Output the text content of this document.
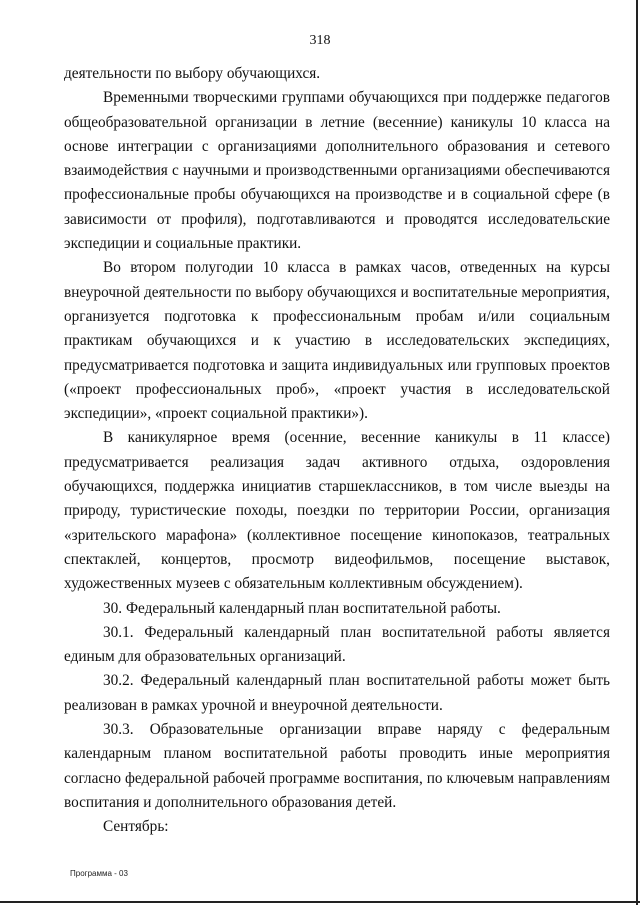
318

деятельности по выбору обучающихся.

Временными творческими группами обучающихся при поддержке педагогов общеобразовательной организации в летние (весенние) каникулы 10 класса на основе интеграции с организациями дополнительного образования и сетевого взаимодействия с научными и производственными организациями обеспечиваются профессиональные пробы обучающихся на производстве и в социальной сфере (в зависимости от профиля), подготавливаются и проводятся исследовательские экспедиции и социальные практики.

Во втором полугодии 10 класса в рамках часов, отведенных на курсы внеурочной деятельности по выбору обучающихся и воспитательные мероприятия, организуется подготовка к профессиональным пробам и/или социальным практикам обучающихся и к участию в исследовательских экспедициях, предусматривается подготовка и защита индивидуальных или групповых проектов («проект профессиональных проб», «проект участия в исследовательской экспедиции», «проект социальной практики»).

В каникулярное время (осенние, весенние каникулы в 11 классе) предусматривается реализация задач активного отдыха, оздоровления обучающихся, поддержка инициатив старшеклассников, в том числе выезды на природу, туристические походы, поездки по территории России, организация «зрительского марафона» (коллективное посещение кинопоказов, театральных спектаклей, концертов, просмотр видеофильмов, посещение выставок, художественных музеев с обязательным коллективным обсуждением).

30. Федеральный календарный план воспитательной работы.

30.1. Федеральный календарный план воспитательной работы является единым для образовательных организаций.

30.2. Федеральный календарный план воспитательной работы может быть реализован в рамках урочной и внеурочной деятельности.

30.3. Образовательные организации вправе наряду с федеральным календарным планом воспитательной работы проводить иные мероприятия согласно федеральной рабочей программе воспитания, по ключевым направлениям воспитания и дополнительного образования детей.

Сентябрь:

Программа - 03
